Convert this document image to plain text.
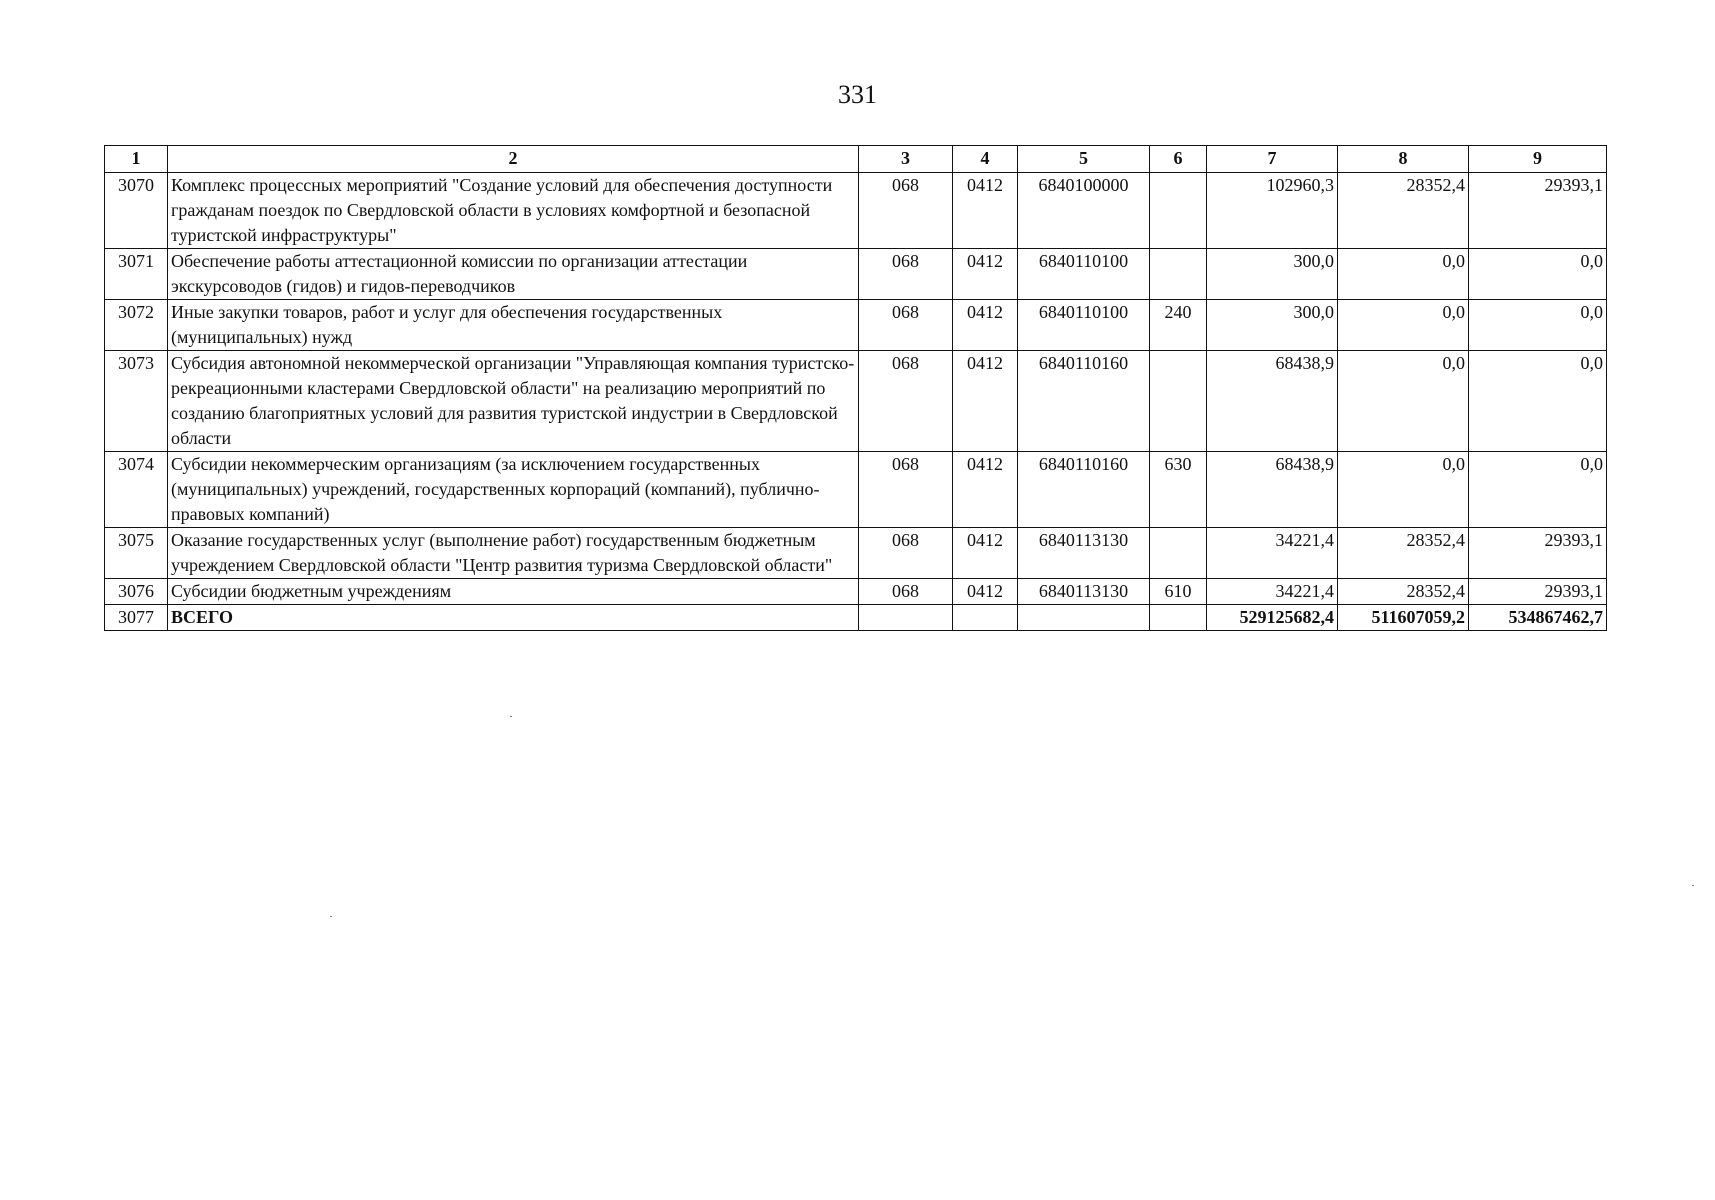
331
1	2	3	4	5	6	7	8	9
3070	Комплекс процессных мероприятий "Создание условий для обеспечения доступности гражданам поездок по Свердловской области в условиях комфортной и безопасной туристской инфраструктуры"	068	0412	6840100000		102960,3	28352,4	29393,1
3071	Обеспечение работы аттестационной комиссии по организации аттестации экскурсоводов (гидов) и гидов-переводчиков	068	0412	6840110100		300,0	0,0	0,0
3072	Иные закупки товаров, работ и услуг для обеспечения государственных (муниципальных) нужд	068	0412	6840110100	240	300,0	0,0	0,0
3073	Субсидия автономной некоммерческой организации "Управляющая компания туристско-рекреационными кластерами Свердловской области" на реализацию мероприятий по созданию благоприятных условий для развития туристской индустрии в Свердловской области	068	0412	6840110160		68438,9	0,0	0,0
3074	Субсидии некоммерческим организациям (за исключением государственных (муниципальных) учреждений, государственных корпораций (компаний), публично-правовых компаний)	068	0412	6840110160	630	68438,9	0,0	0,0
3075	Оказание государственных услуг (выполнение работ) государственным бюджетным учреждением Свердловской области "Центр развития туризма Свердловской области"	068	0412	6840113130		34221,4	28352,4	29393,1
3076	Субсидии бюджетным учреждениям	068	0412	6840113130	610	34221,4	28352,4	29393,1
3077	ВСЕГО					529125682,4	511607059,2	534867462,7
